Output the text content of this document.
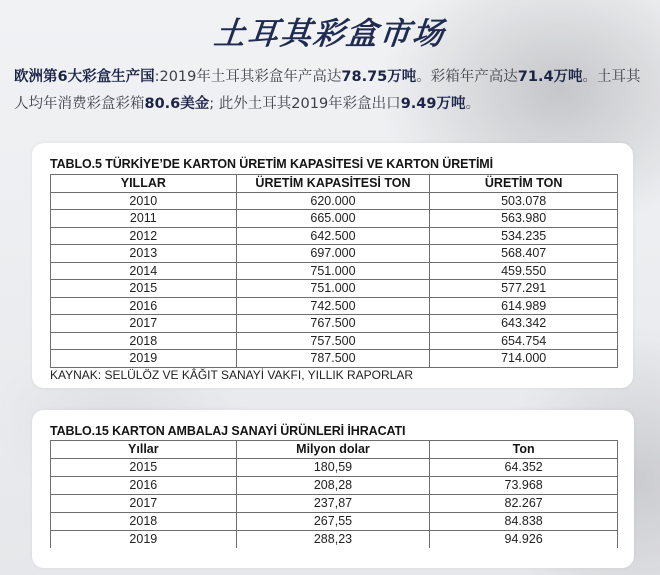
土耳其彩盒市场

欧洲第6大彩盒生产国:2019年土耳其彩盒年产高达78.75万吨。彩箱年产高达71.4万吨。土耳其人均年消费彩盒彩箱80.6美金; 此外土耳其2019年彩盒出口9.49万吨。

TABLO.5 TÜRKİYE’DE KARTON ÜRETİM KAPASİTESİ VE KARTON ÜRETİMİ
YILLAR	ÜRETİM KAPASİTESİ TON	ÜRETİM TON
2010	620.000	503.078
2011	665.000	563.980
2012	642.500	534.235
2013	697.000	568.407
2014	751.000	459.550
2015	751.000	577.291
2016	742.500	614.989
2017	767.500	643.342
2018	757.500	654.754
2019	787.500	714.000
KAYNAK: SELÜLÖZ VE KÂĞIT SANAYİ VAKFI, YILLIK RAPORLAR
TABLO.15 KARTON AMBALAJ SANAYİ ÜRÜNLERİ İHRACATI
Yıllar	Milyon dolar	Ton
2015	180,59	64.352
2016	208,28	73.968
2017	237,87	82.267
2018	267,55	84.838
2019	288,23	94.926
